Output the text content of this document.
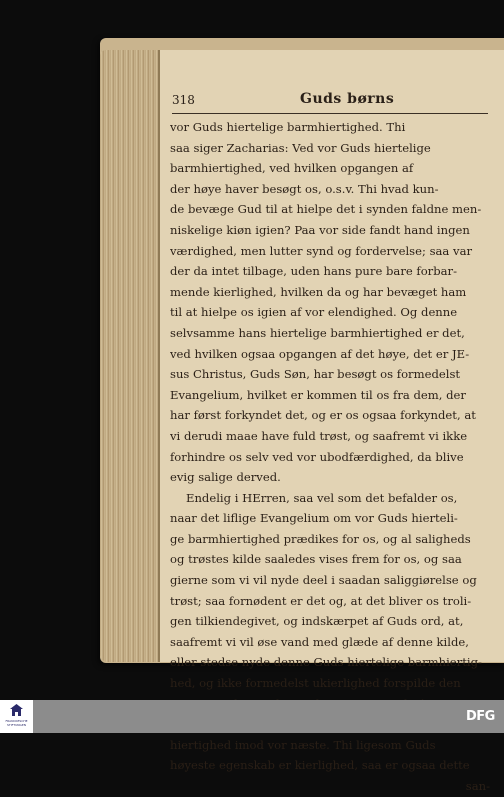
318	Guds børns
vor Guds hiertelige barmhiertighed. Thi
saa siger Zacharias: Ved vor Guds hiertelige
barmhiertighed, ved hvilken opgangen af
der høye haver besøgt os, o.s.v. Thi hvad kun-
de bevæge Gud til at hielpe det i synden faldne men-
niskelige kiøn igien? Paa vor side fandt hand ingen
værdighed, men lutter synd og fordervelse; saa var
der da intet tilbage, uden hans pure bare forbar-
mende kierlighed, hvilken da og har bevæget ham
til at hielpe os igien af vor elendighed. Og denne
selvsamme hans hiertelige barmhiertighed er det,
ved hvilken ogsaa opgangen af det høye, det er JE-
sus Christus, Guds Søn, har besøgt os formedelst
Evangelium, hvilket er kommen til os fra dem, der
har først forkyndet det, og er os ogsaa forkyndet, at
vi derudi maae have fuld trøst, og saafremt vi ikke
forhindre os selv ved vor ubodfærdighed, da blive
evig salige derved.
Endelig i HErren, saa vel som det befalder os,
naar det liflige Evangelium om vor Guds hierteli-
ge barmhiertighed prædikes for os, og al saligheds
og trøstes kilde saaledes vises frem for os, og saa
gierne som vi vil nyde deel i saadan saliggiørelse og
trøst; saa fornødent er det og, at det bliver os troli-
gen tilkiendegivet, og indskærpet af Guds ord, at,
saafremt vi vil øse vand med glæde af denne kilde,
eller stedse nyde denne Guds hiertelige barmhiertig-
hed, og ikke formedelst ukierlighed forspilde den
hiertighed imod vor næste. Thi ligesom Guds
høyeste egenskab er kierlighed, saa er ogsaa dette
san-
FRANCKESCHE STIFTUNGEN
DFG
